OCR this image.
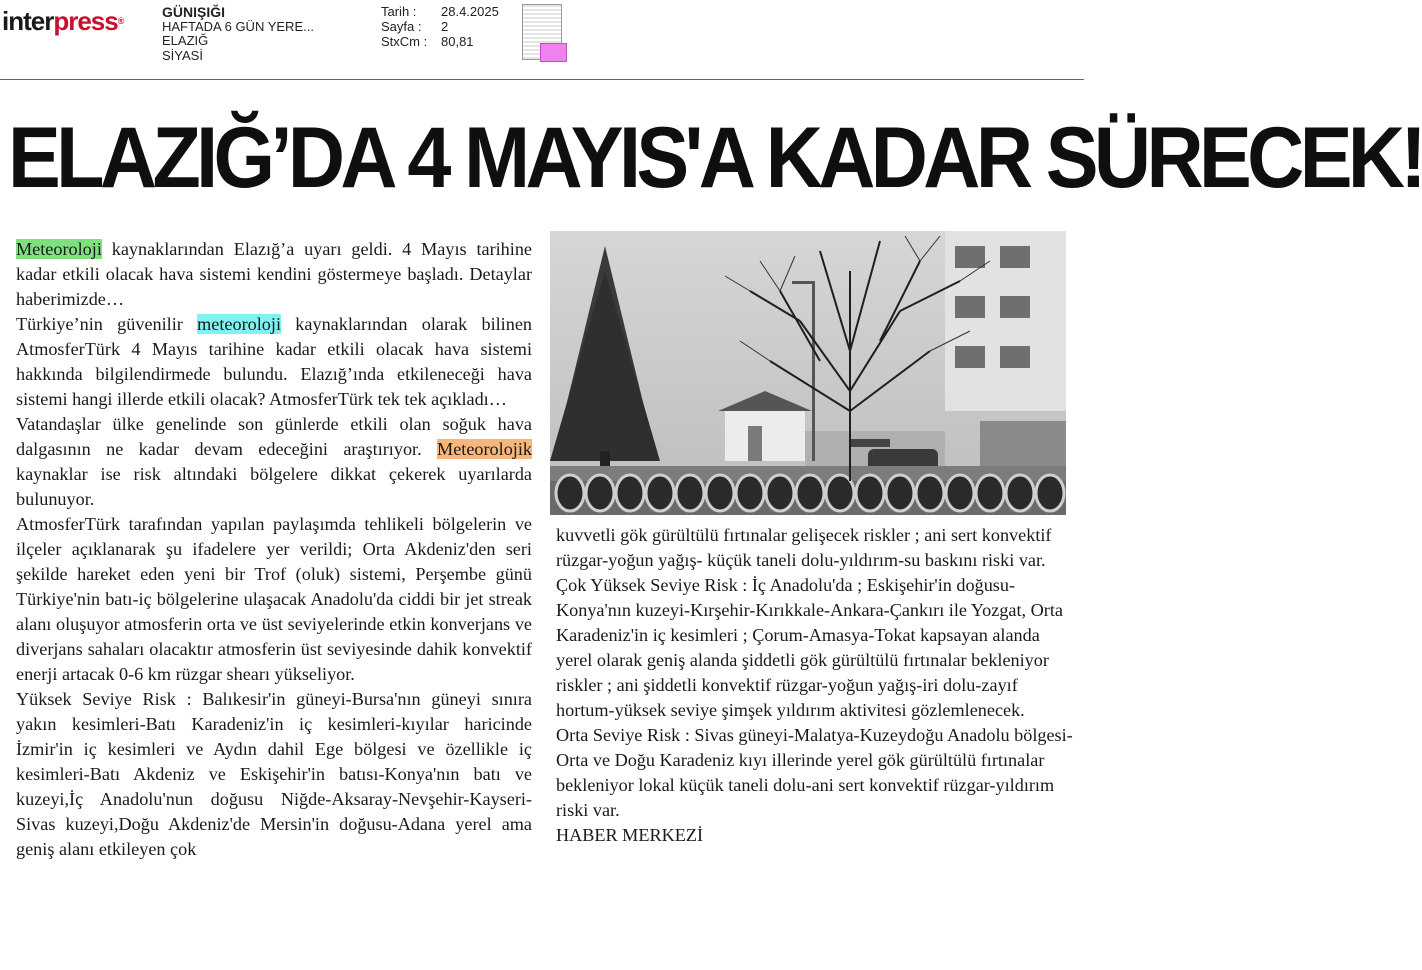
interpress®
GÜNIŞIĞI
HAFTADA 6 GÜN YERE...
ELAZIĞ
SİYASİ
Tarih :	28.4.2025
Sayfa :	2
StxCm :	80,81
ELAZIĞ’DA 4 MAYIS'A KADAR SÜRECEK!

Meteoroloji kaynaklarından Elazığ’a uyarı geldi. 4 Mayıs tarihine kadar etkili olacak hava sistemi kendini göstermeye başladı. Detaylar haberimizde…

Türkiye’nin güvenilir meteoroloji kaynaklarından olarak bilinen AtmosferTürk 4 Mayıs tarihine kadar etkili olacak hava sistemi hakkında bilgilendirmede bulundu. Elazığ’ında etkileneceği hava sistemi hangi illerde etkili olacak? AtmosferTürk tek tek açıkladı…

Vatandaşlar ülke genelinde son günlerde etkili olan soğuk hava dalgasının ne kadar devam edeceğini araştırıyor. Meteorolojik kaynaklar ise risk altındaki bölgelere dikkat çekerek uyarılarda bulunuyor.

AtmosferTürk tarafından yapılan paylaşımda tehlikeli bölgelerin ve ilçeler açıklanarak şu ifadelere yer verildi; Orta Akdeniz'den seri şekilde hareket eden yeni bir Trof (oluk) sistemi, Perşembe günü Türkiye'nin batı-iç bölgelerine ulaşacak Anadolu'da ciddi bir jet streak alanı oluşuyor atmosferin orta ve üst seviyelerinde etkin konverjans ve diverjans sahaları olacaktır atmosferin üst seviyesinde dahik konvektif enerji artacak 0-6 km rüzgar shearı yükseliyor.

Yüksek Seviye Risk : Balıkesir'in güneyi-Bursa'nın güneyi sınıra yakın kesimleri-Batı Karadeniz'in iç kesimleri-kıyılar haricinde İzmir'in iç kesimleri ve Aydın dahil Ege bölgesi ve özellikle iç kesimleri-Batı Akdeniz ve Eskişehir'in batısı-Konya'nın batı ve kuzeyi,İç Anadolu'nun doğusu Niğde-Aksaray-Nevşehir-Kayseri-Sivas kuzeyi,Doğu Akdeniz'de Mersin'in doğusu-Adana yerel ama geniş alanı etkileyen çok

kuvvetli gök gürültülü fırtınalar gelişecek riskler ; ani sert konvektif rüzgar-yoğun yağış- küçük taneli dolu-yıldırım-su baskını riski var.

Çok Yüksek Seviye Risk : İç Anadolu'da ; Eskişehir'in doğusu-Konya'nın kuzeyi-Kırşehir-Kırıkkale-Ankara-Çankırı ile Yozgat, Orta Karadeniz'in iç kesimleri ; Çorum-Amasya-Tokat kapsayan alanda yerel olarak geniş alanda şiddetli gök gürültülü fırtınalar bekleniyor riskler ; ani şiddetli konvektif rüzgar-yoğun yağış-iri dolu-zayıf hortum-yüksek seviye şimşek yıldırım aktivitesi gözlemlenecek.

Orta Seviye Risk : Sivas güneyi-Malatya-Kuzeydoğu Anadolu bölgesi-Orta ve Doğu Karadeniz kıyı illerinde yerel gök gürültülü fırtınalar bekleniyor lokal küçük taneli dolu-ani sert konvektif rüzgar-yıldırım riski var.

HABER MERKEZİ
